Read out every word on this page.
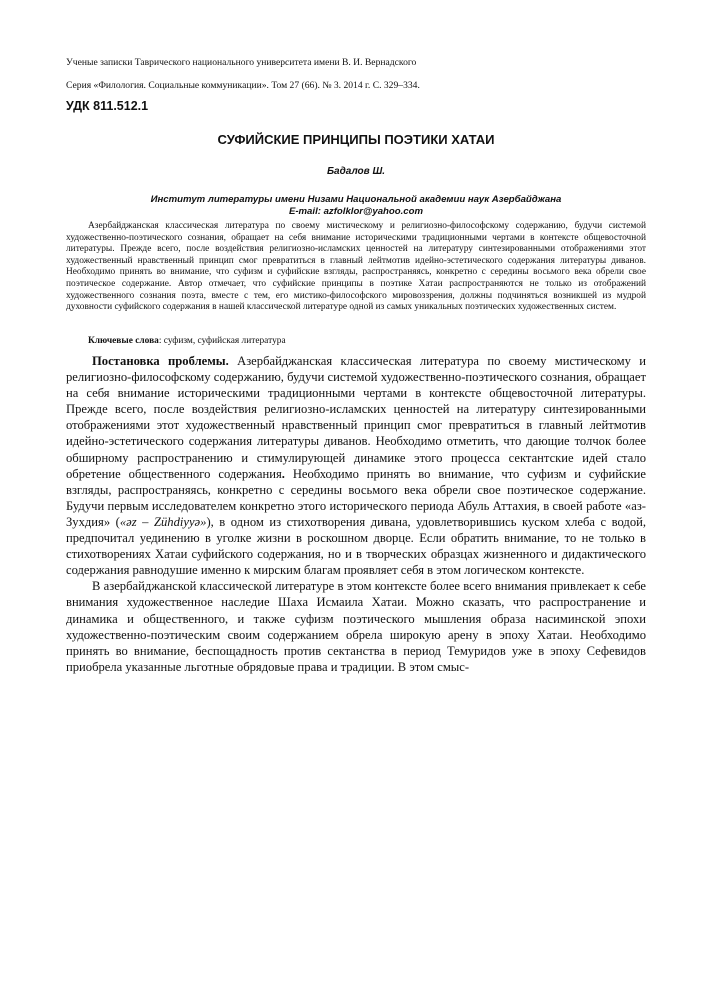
Ученые записки Таврического национального университета имени В. И. Вернадского
Серия «Филология. Социальные коммуникации». Том 27 (66). № 3. 2014 г. С. 329–334.
УДК 811.512.1
СУФИЙСКИЕ ПРИНЦИПЫ ПОЭТИКИ ХАТАИ
Бадалов Ш.
Институт литературы имени Низами Национальной академии наук Азербайджана
E-mail: azfolklor@yahoo.com

Азербайджанская классическая литература по своему мистическому и религиозно-философскому содержанию, будучи системой художественно-поэтического сознания, обращает на себя внимание историческими традиционными чертами в контексте общевосточной литературы. Прежде всего, после воздействия религиозно-исламских ценностей на литературу синтезированными отображениями этот художественный нравственный принцип смог превратиться в главный лейтмотив идейно-эстетического содержания литературы диванов. Необходимо принять во внимание, что суфизм и суфийские взгляды, распространяясь, конкретно с середины восьмого века обрели свое поэтическое содержание. Автор отмечает, что суфийские принципы в поэтике Хатаи распространяются не только из отображений художественного сознания поэта, вместе с тем, его мистико-философского мировоззрения, должны подчиняться возникшей из мудрой духовности суфийского содержания в нашей классической литературе одной из самых уникальных поэтических художественных систем.

Ключевые слова: суфизм, суфийская литература

Постановка проблемы. Азербайджанская классическая литература по своему мистическому и религиозно-философскому содержанию, будучи системой художественно-поэтического сознания, обращает на себя внимание историческими традиционными чертами в контексте общевосточной литературы. Прежде всего, после воздействия религиозно-исламских ценностей на литературу синтезированными отображениями этот художественный нравственный принцип смог превратиться в главный лейтмотив идейно-эстетического содержания литературы диванов. Необходимо отметить, что дающие толчок более обширному распространению и стимулирующей динамике этого процесса сектантские идей стало обретение общественного содержания. Необходимо принять во внимание, что суфизм и суфийские взгляды, распространяясь, конкретно с середины восьмого века обрели свое поэтическое содержание. Будучи первым исследователем конкретно этого исторического периода Абуль Аттахия, в своей работе «аз- Зухдия» («əz – Zühdiyyə»), в одном из стихотворения дивана, удовлетворившись куском хлеба с водой, предпочитал уединению в уголке жизни в роскошном дворце. Если обратить внимание, то не только в стихотворениях Хатаи суфийского содержания, но и в творческих образцах жизненного и дидактического содержания равнодушие именно к мирским благам проявляет себя в этом логическом контексте.

В азербайджанской классической литературе в этом контексте более всего внимания привлекает к себе внимания художественное наследие Шаха Исмаила Хатаи. Можно сказать, что распространение и динамика и общественного, и также суфизм поэтического мышления образа насиминской эпохи художественно-поэтическим своим содержанием обрела широкую арену в эпоху Хатаи. Необходимо принять во внимание, беспощадность против сектанства в период Темуридов уже в эпоху Сефевидов приобрела указанные льготные обрядовые права и традиции. В этом смыс-
